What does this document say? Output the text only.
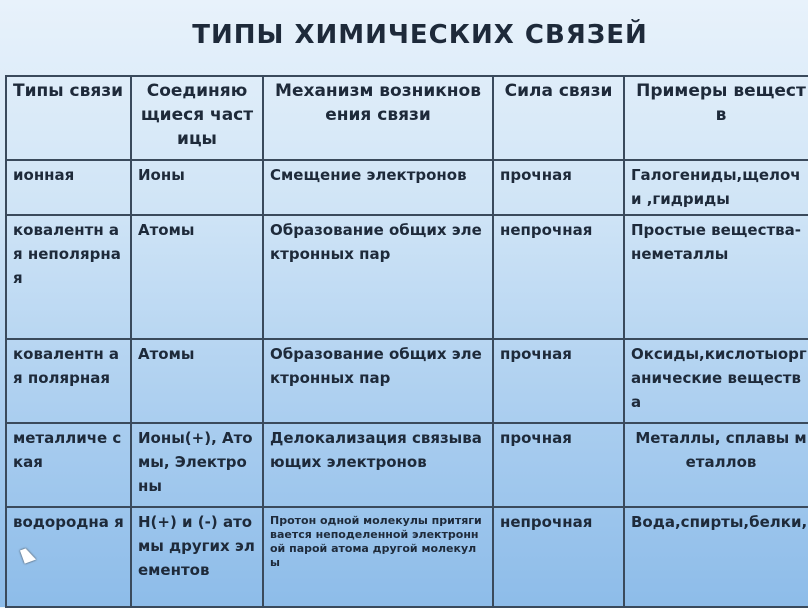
ТИПЫ ХИМИЧЕСКИХ СВЯЗЕЙ
Типы связи	Соединяю щиеся частицы	Механизм возникновения связи	Сила связи	Примеры веществ
ионная	Ионы	Смещение электронов	прочная	Галогениды,щелочи ,гидриды
ковалентн ая неполярна я	Атомы	Образование общих электронных пар	непрочная	Простые вещества-неметаллы
ковалентн ая полярная	Атомы	Образование общих электронных пар	прочная	Оксиды,кислотыорг анические вещества
металличе ская	Ионы(+), Атомы, Электроны	Делокализация связывающих электронов	прочная	Металлы, сплавы металлов
водородна я	Н(+) и (-) атомы других элементов	Протон одной молекулы притягивается неподеленной электронной парой атома другой молекулы	непрочная	Вода,спирты,белки,
